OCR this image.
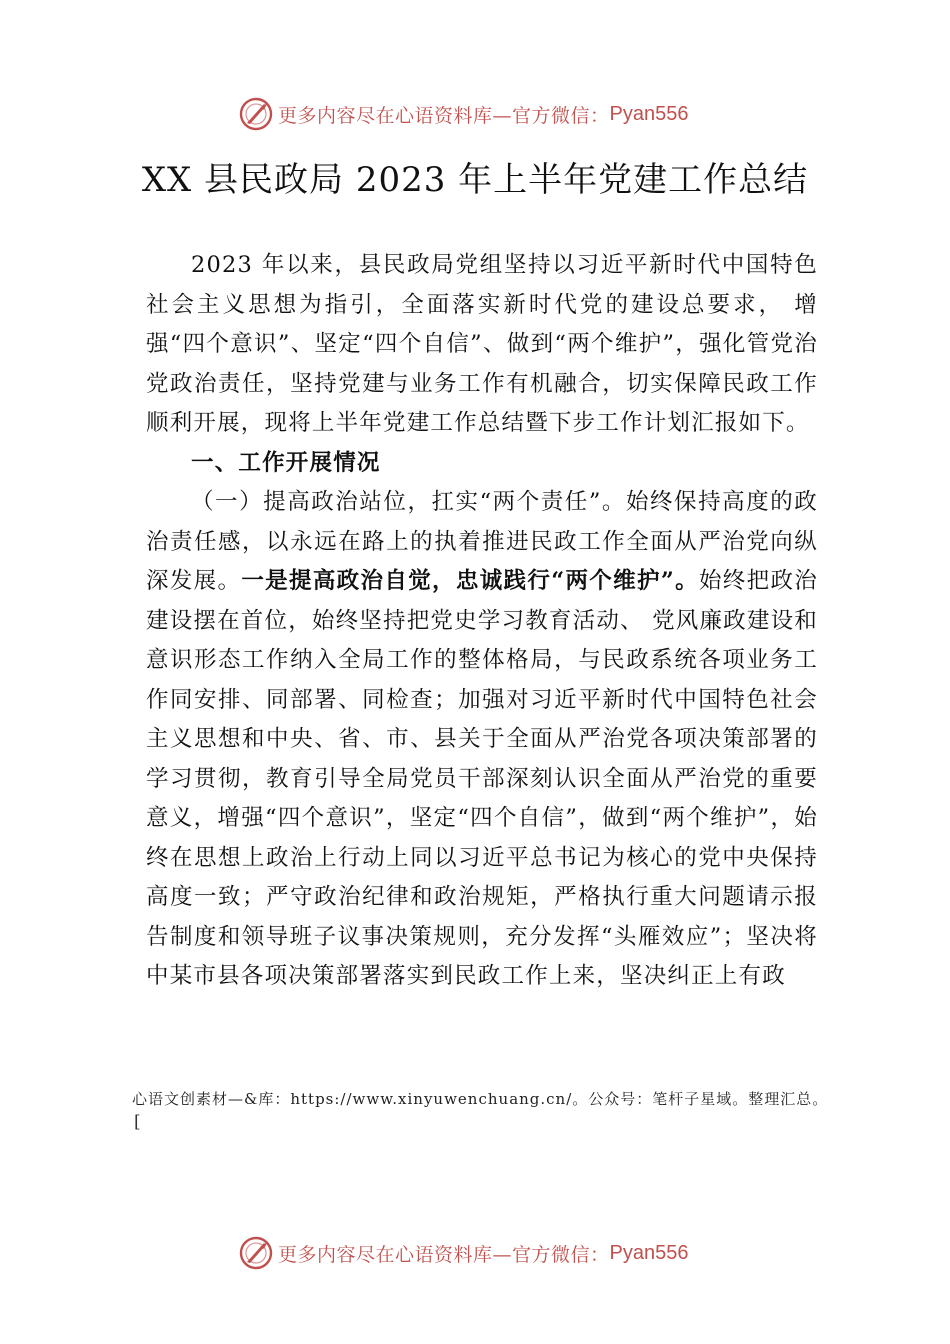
更多内容尽在心语资料库—官方微信： Pyan556
XX 县民政局 2023 年上半年党建工作总结

2023 年以来，县民政局党组坚持以习近平新时代中国特色社会主义思想为指引，全面落实新时代党的建设总要求， 增强“四个意识”、坚定“四个自信”、做到“两个维护”，强化管党治党政治责任，坚持党建与业务工作有机融合，切实保障民政工作顺利开展，现将上半年党建工作总结暨下步工作计划汇报如下。

一、工作开展情况

（一）提高政治站位，扛实“两个责任”。始终保持高度的政治责任感，以永远在路上的执着推进民政工作全面从严治党向纵深发展。一是提高政治自觉，忠诚践行“两个维护”。始终把政治建设摆在首位，始终坚持把党史学习教育活动、 党风廉政建设和意识形态工作纳入全局工作的整体格局，与民政系统各项业务工作同安排、同部署、同检查；加强对习近平新时代中国特色社会主义思想和中央、省、市、县关于全面从严治党各项决策部署的学习贯彻，教育引导全局党员干部深刻认识全面从严治党的重要意义，增强“四个意识”，坚定“四个自信”，做到“两个维护”，始终在思想上政治上行动上同以习近平总书记为核心的党中央保持高度一致；严守政治纪律和政治规矩，严格执行重大问题请示报告制度和领导班子议事决策规则，充分发挥“头雁效应”；坚决将中某市县各项决策部署落实到民政工作上来，坚决纠正上有政

心语文创素材—&库：https://www.xinyuwenchuang.cn/。公众号：笔杆子星域。整理汇总。
[
更多内容尽在心语资料库—官方微信： Pyan556
